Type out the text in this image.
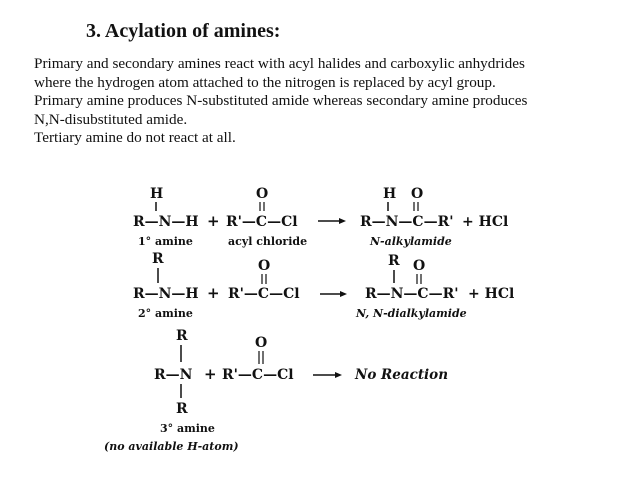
3. Acylation of amines:
Primary and secondary amines react with acyl halides and carboxylic anhydrides
where the hydrogen atom attached to the nitrogen is replaced by acyl group.
Primary amine produces N-substituted amide whereas secondary amine produces
N,N-disubstituted amide.
Tertiary amine do not react at all.
H
R—N—H +
O
R'—C—Cl
1° amine	acyl chloride
H O
R—N—C—R' + HCl
N-alkylamide
R
R—N—H +
O
R'—C—Cl
2° amine
R O
R—N—C—R' + HCl
N, N-dialkylamide
R
R—N +
O
R'—C—Cl
R
No Reaction
3° amine
(no available H-atom)
